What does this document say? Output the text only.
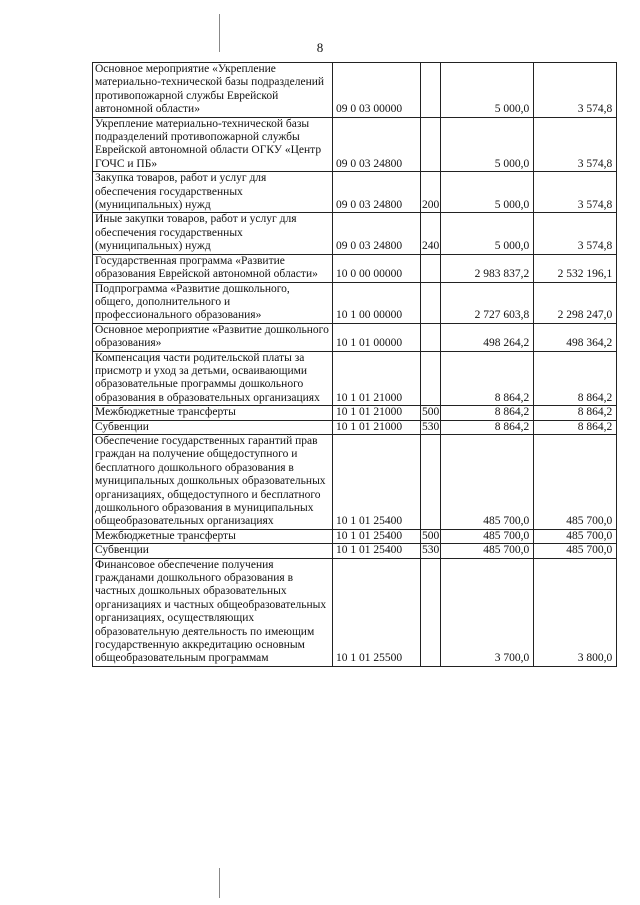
8
Основное мероприятие «Укрепление материально-технической базы подразделений противопожарной службы Еврейской автономной области»	09 0 03 00000		5 000,0	3 574,8
Укрепление материально-технической базы подразделений противопожарной службы Еврейской автономной области ОГКУ «Центр ГОЧС и ПБ»	09 0 03 24800		5 000,0	3 574,8
Закупка товаров, работ и услуг для обеспечения государственных (муниципальных) нужд	09 0 03 24800	200	5 000,0	3 574,8
Иные закупки товаров, работ и услуг для обеспечения государственных (муниципальных) нужд	09 0 03 24800	240	5 000,0	3 574,8
Государственная программа «Развитие образования Еврейской автономной области»	10 0 00 00000		2 983 837,2	2 532 196,1
Подпрограмма «Развитие дошкольного, общего, дополнительного и профессионального образования»	10 1 00 00000		2 727 603,8	2 298 247,0
Основное мероприятие «Развитие дошкольного образования»	10 1 01 00000		498 264,2	498 364,2
Компенсация части родительской платы за присмотр и уход за детьми, осваивающими образовательные программы дошкольного образования в образовательных организациях	10 1 01 21000		8 864,2	8 864,2
Межбюджетные трансферты	10 1 01 21000	500	8 864,2	8 864,2
Субвенции	10 1 01 21000	530	8 864,2	8 864,2
Обеспечение государственных гарантий прав граждан на получение общедоступного и бесплатного дошкольного образования в муниципальных дошкольных образовательных организациях, общедоступного и бесплатного дошкольного образования в муниципальных общеобразовательных организациях	10 1 01 25400		485 700,0	485 700,0
Межбюджетные трансферты	10 1 01 25400	500	485 700,0	485 700,0
Субвенции	10 1 01 25400	530	485 700,0	485 700,0
Финансовое обеспечение получения гражданами дошкольного образования в частных дошкольных образовательных организациях и частных общеобразовательных организациях, осуществляющих образовательную деятельность по имеющим государственную аккредитацию основным общеобразовательным программам	10 1 01 25500		3 700,0	3 800,0
